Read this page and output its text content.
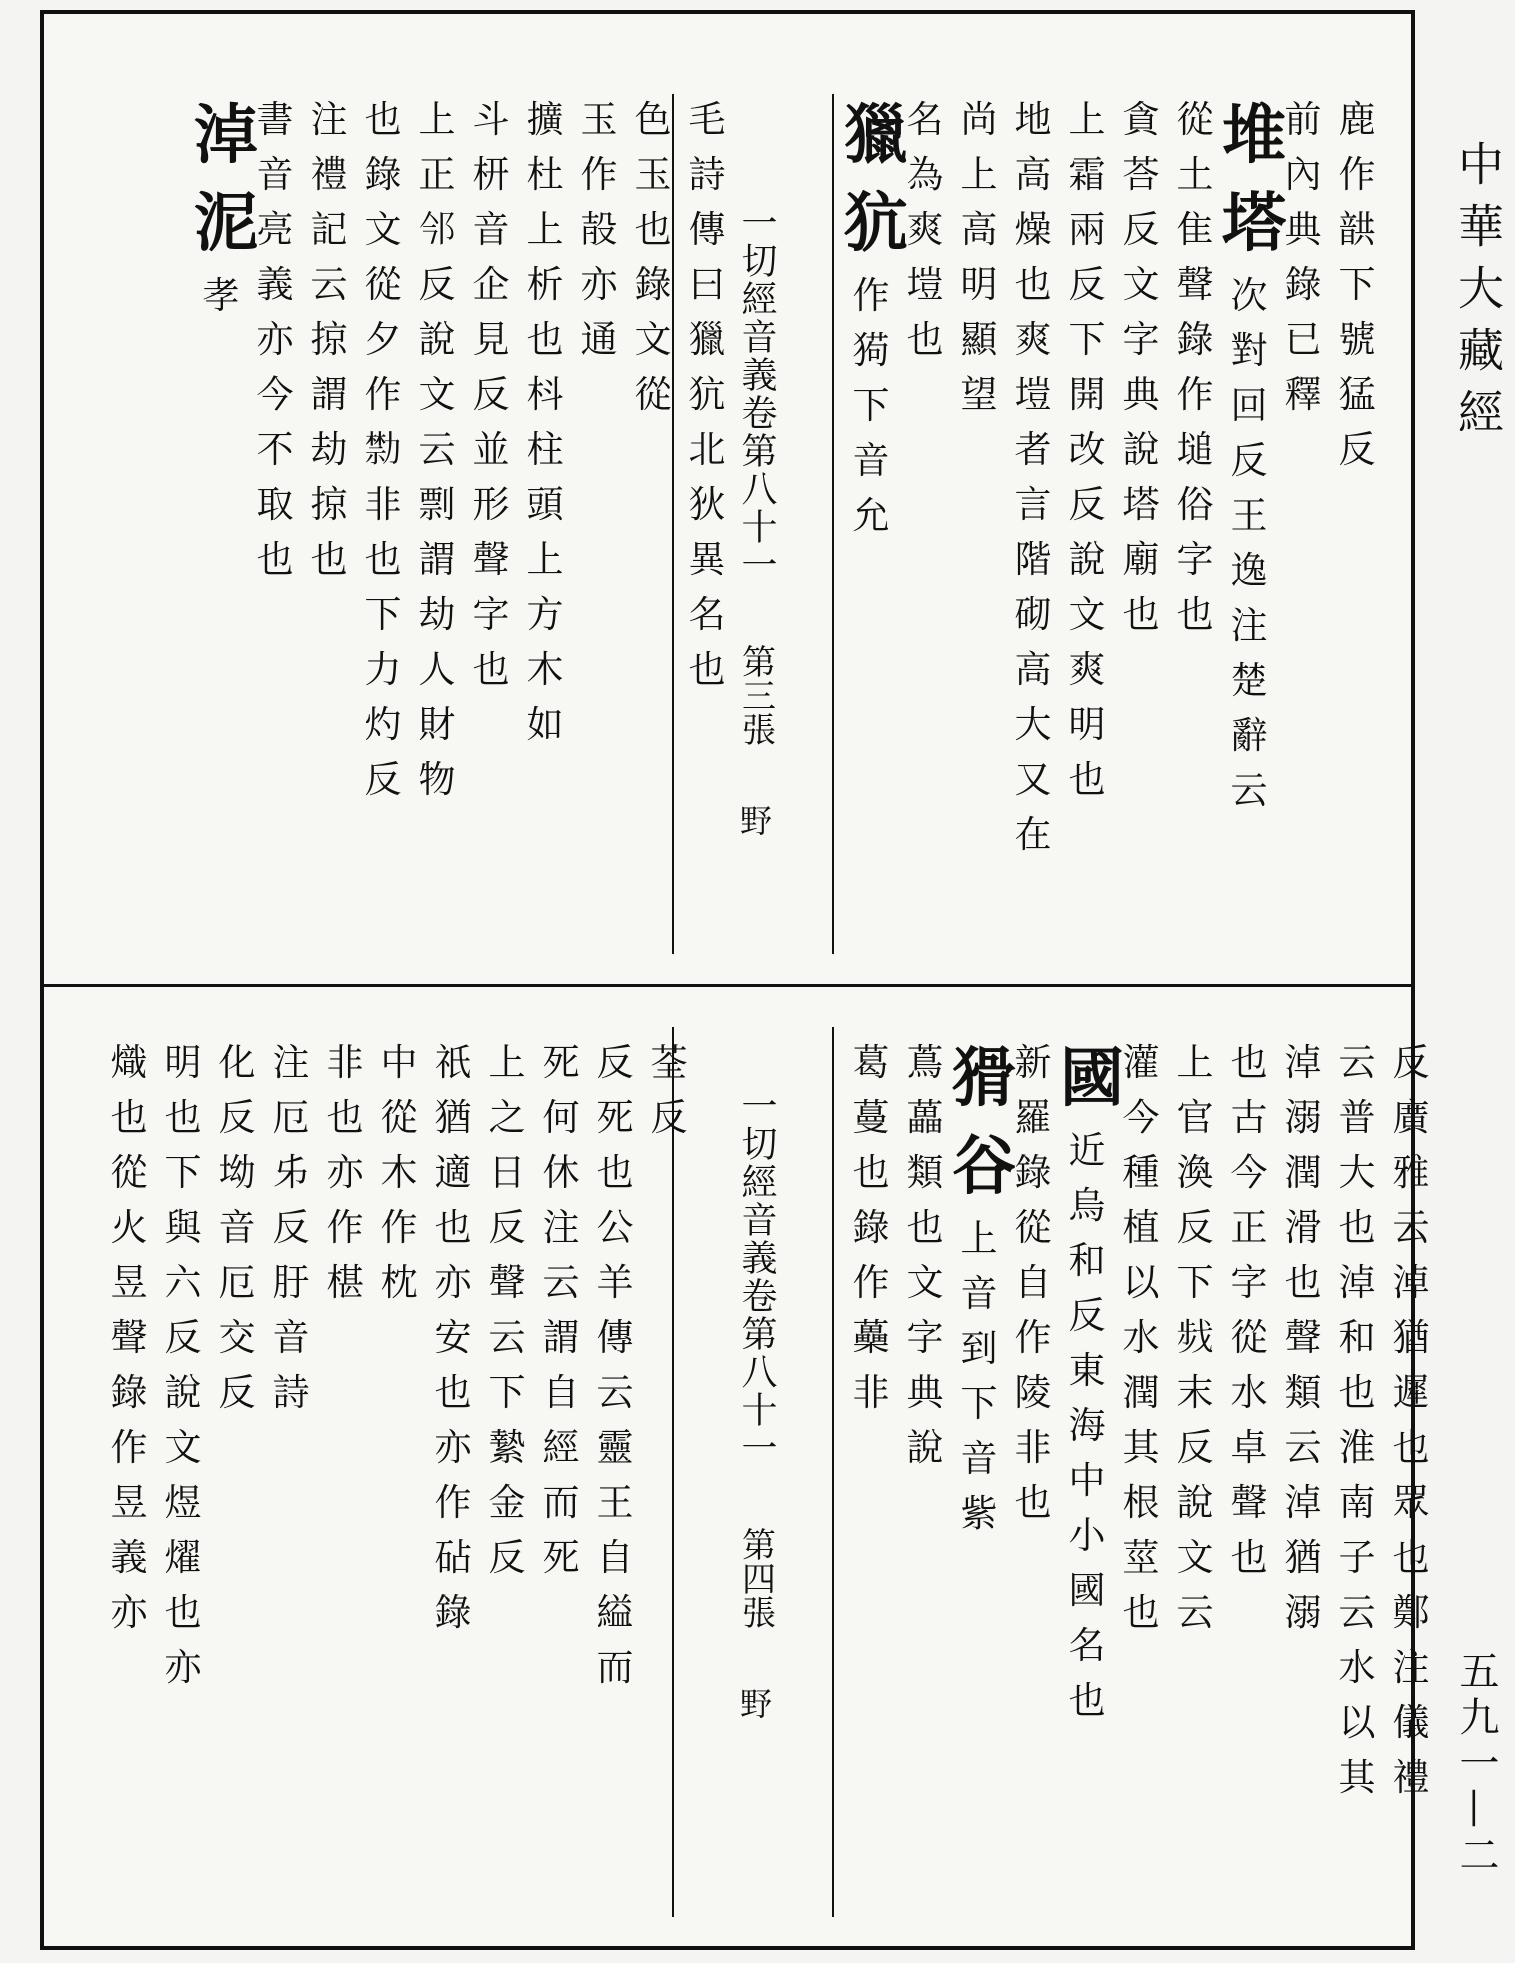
鹿
作
𩐠
下
號
猛
反
前
內
典
錄
已
釋
堆
塔
次
對
回
反
王
逸
注
楚
辭
云
從
土
隹
聲
錄
作
塠
俗
字
也
貪
荅
反
文
字
典
說
塔
廟
也
上
霜
兩
反
下
開
改
反
說
文
爽
明
也
地
高
燥
也
爽
塏
者
言
階
砌
高
大
又
在
尚
上
高
明
顯
望
名
為
爽
塏
也
獵
犺
作
㺃
下
音
允
一切經音義卷第八十一
第三張
野
毛
詩
傳
曰
獵
犺
北
狄
異
名
也
色
玉
也
錄
文
從
玉
作
㱿
亦
通
擴
杜
上
析
也
枓
柱
頭
上
方
木
如
斗
枅
音
企
見
反
並
形
聲
字
也
上
正
𨙽
反
說
文
云
剽
謂
劫
人
財
物
也
錄
文
從
夕
作
𠢱
非
也
下
力
灼
反
注
禮
記
云
掠
謂
劫
掠
也
書
音
亮
義
亦
今
不
取
也
淖
泥
孝
反
廣
雅
云
淖
猶
遲
也
眾
也
鄭
注
儀
禮
云
普
大
也
淖
和
也
淮
南
子
云
水
以
其
淖
溺
潤
滑
也
聲
類
云
淖
猶
溺
也
古
今
正
字
從
水
卓
聲
也
上
官
渙
反
下
𢧁
末
反
說
文
云
灌
今
種
植
以
水
潤
其
根
莖
也
國
近
烏
和
反
東
海
中
小
國
名
也
新
羅
錄
從
自
作
陵
非
也
猾
谷
上
音
到
下
音
紫
蔦
藟
類
也
文
字
典
說
葛
蔓
也
錄
作
蘽
非
一切經音義卷第八十一
第四張
野
荃
反
反
死
也
公
羊
傳
云
靈
王
自
縊
而
死
何
休
注
云
謂
自
經
而
死
上
之
日
反
聲
云
下
縶
金
反
祇
猶
適
也
亦
安
也
亦
作
砧
錄
中
從
木
作
枕
非
也
亦
作
椹
注
厄
𠂔
反
䏏
音
詩
化
反
坳
音
厄
交
反
明
也
下
與
六
反
說
文
煜
燿
也
亦
熾
也
從
火
昱
聲
錄
作
昱
義
亦
中華大藏經
五九一—二
